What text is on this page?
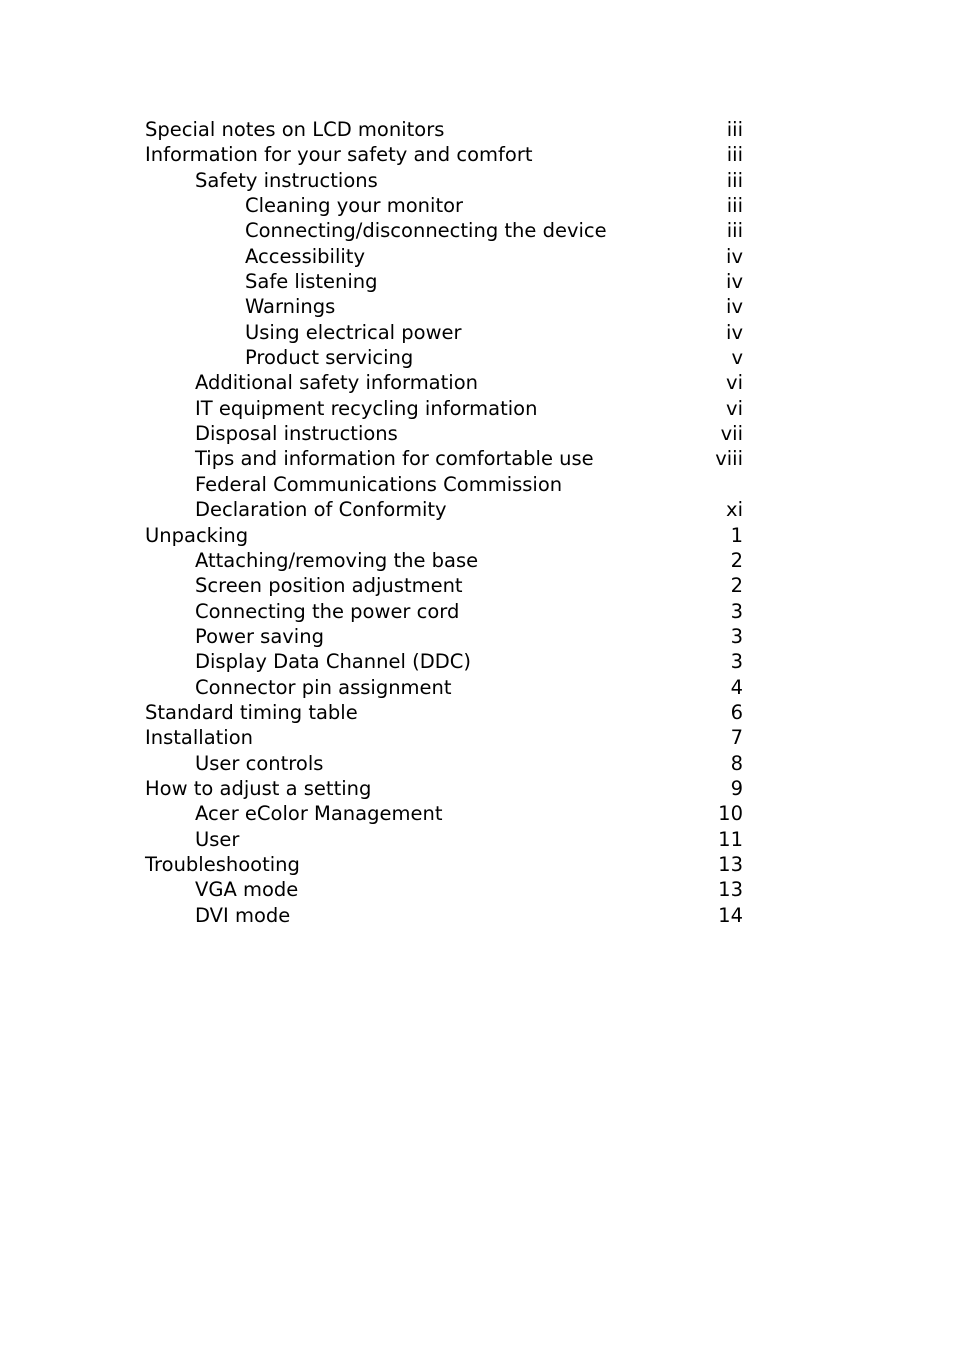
Special notes on LCD monitors	iii
Information for your safety and comfort	iii
Safety instructions	iii
Cleaning your monitor	iii
Connecting/disconnecting the device	iii
Accessibility	iv
Safe listening	iv
Warnings	iv
Using electrical power	iv
Product servicing	v
Additional safety information	vi
IT equipment recycling information	vi
Disposal instructions	vii
Tips and information for comfortable use	viii
Federal Communications Commission
Declaration of Conformity	xi
Unpacking	1
Attaching/removing the base	2
Screen position adjustment	2
Connecting the power cord	3
Power saving	3
Display Data Channel (DDC)	3
Connector pin assignment	4
Standard timing table	6
Installation	7
User controls	8
How to adjust a setting	9
Acer eColor Management	10
User	11
Troubleshooting	13
VGA mode	13
DVI mode	14
